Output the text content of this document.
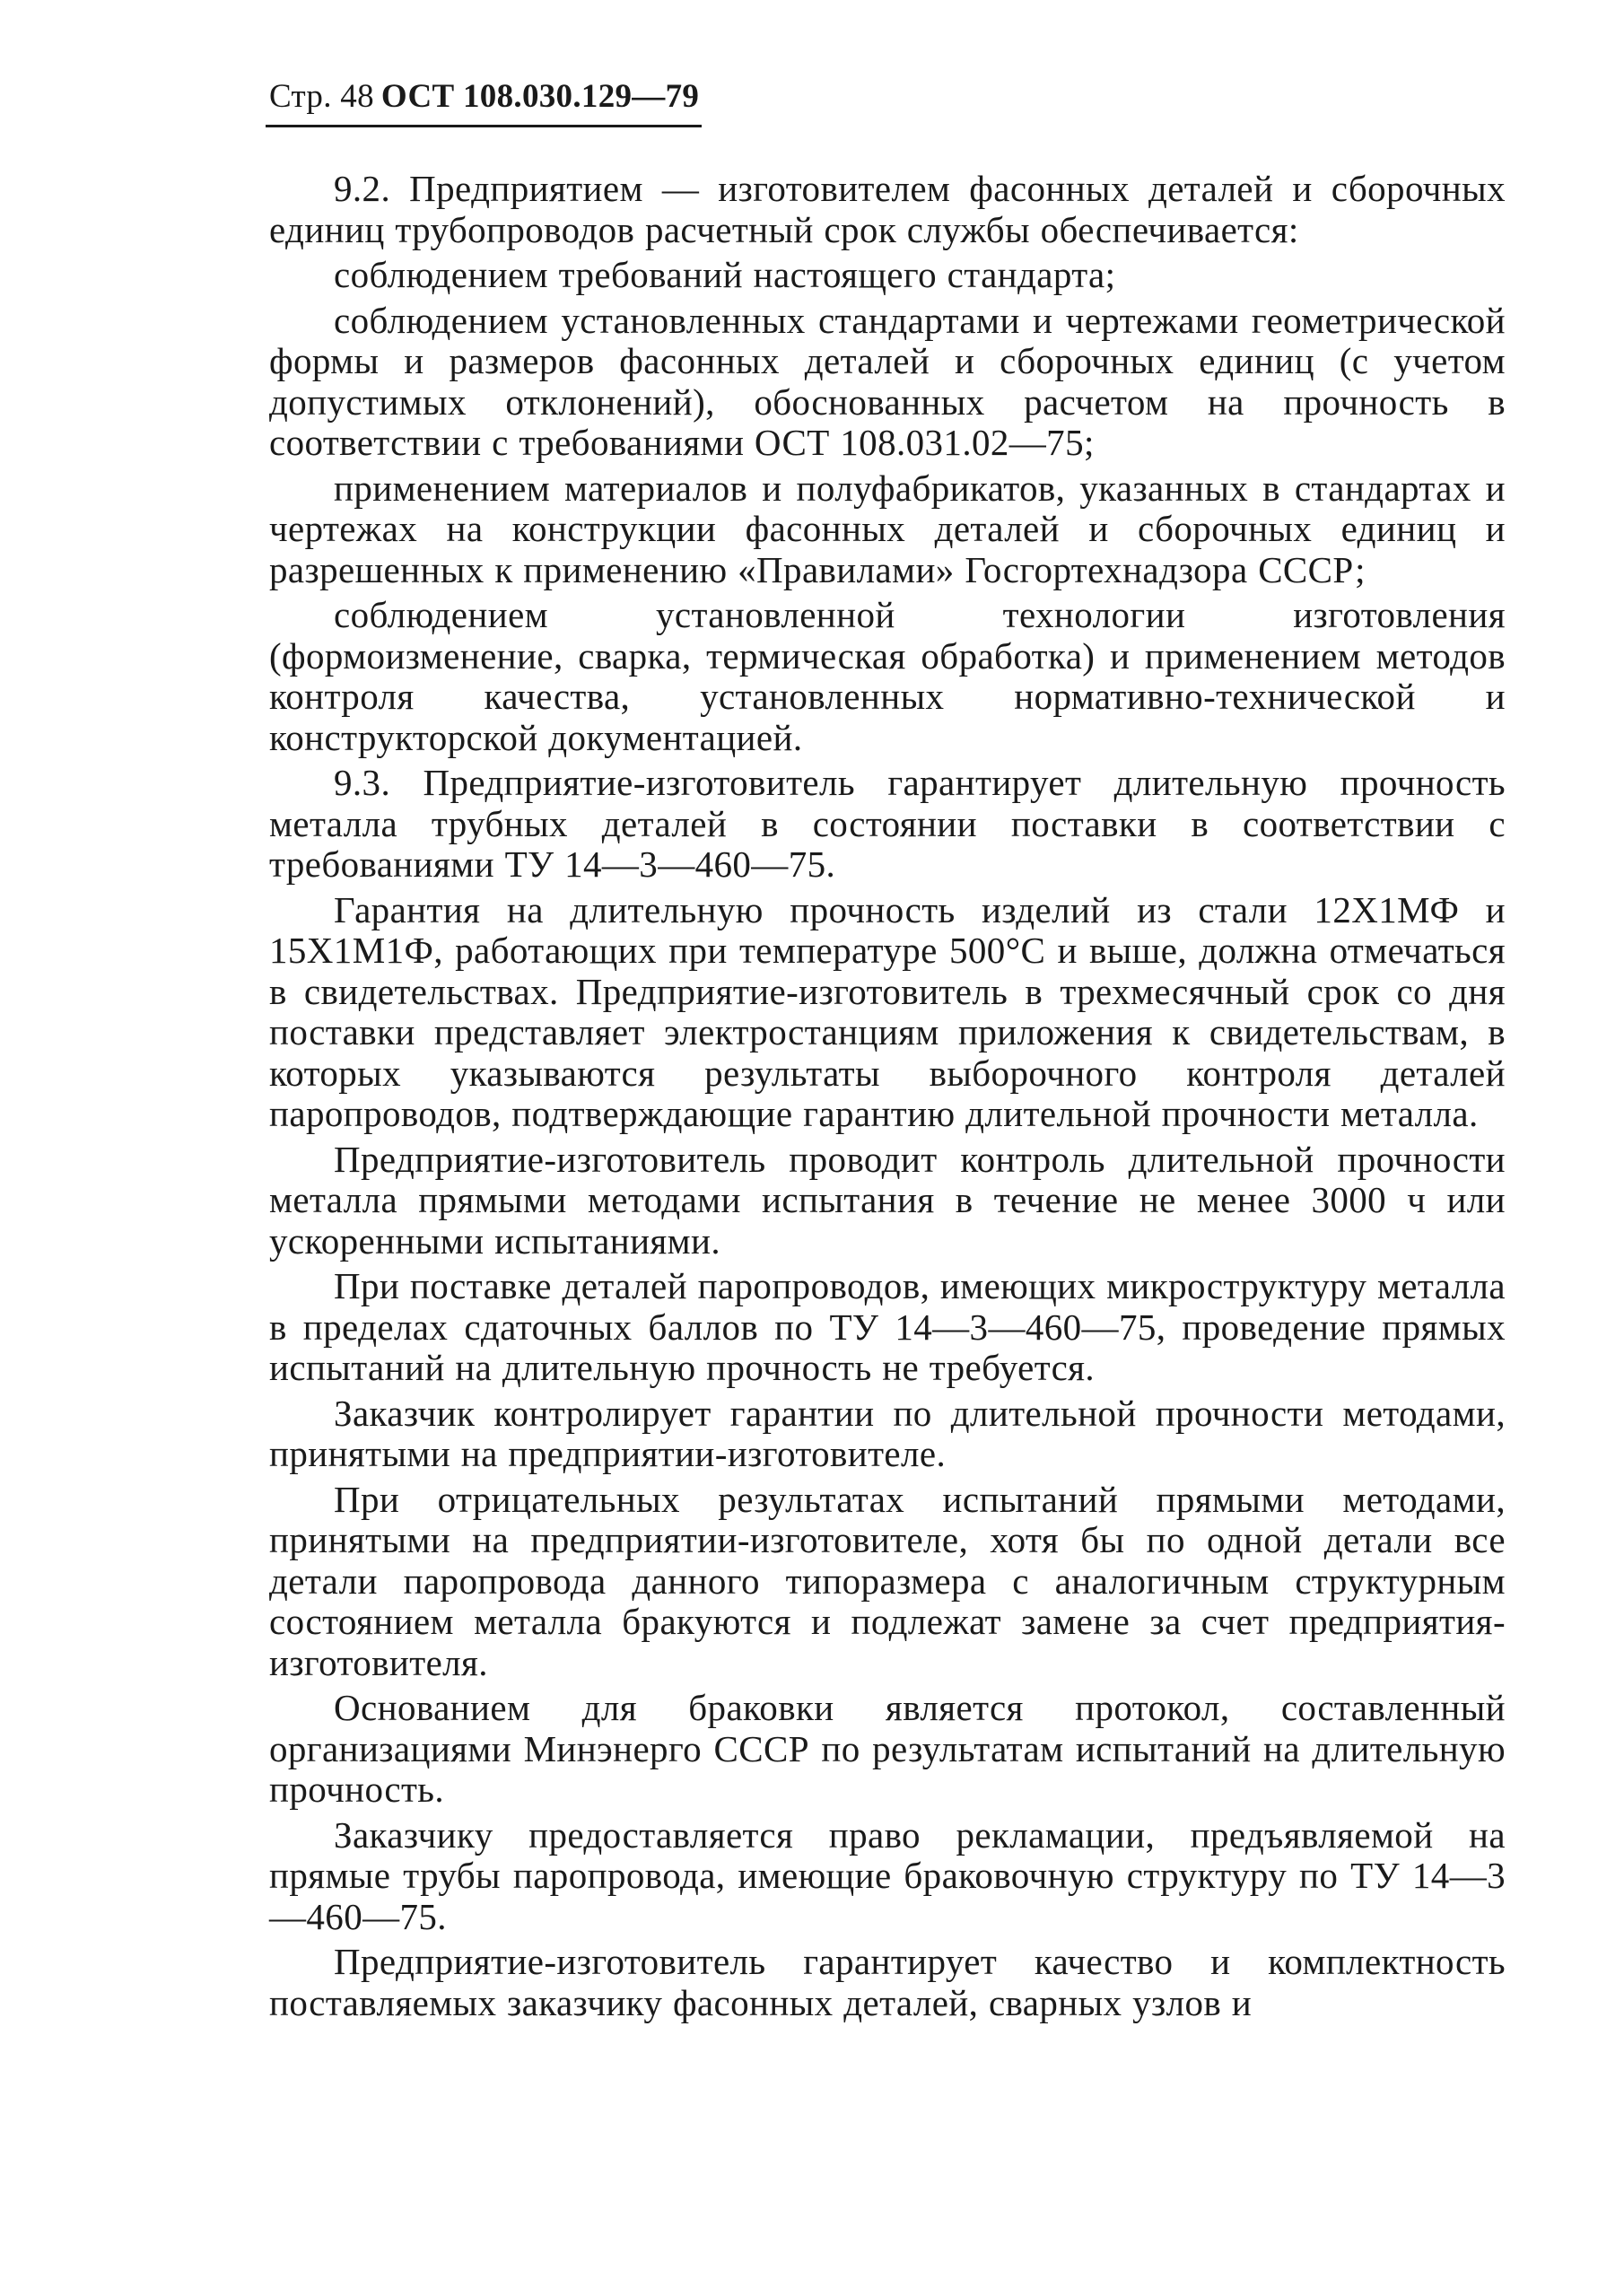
Стр. 48 ОСТ 108.030.129—79

9.2. Предприятием — изготовителем фасонных деталей и сборочных единиц трубопроводов расчетный срок службы обеспечивается:

соблюдением требований настоящего стандарта;

соблюдением установленных стандартами и чертежами геометрической формы и размеров фасонных деталей и сборочных единиц (с учетом допустимых отклонений), обоснованных расчетом на прочность в соответствии с требованиями ОСТ 108.031.02—75;

применением материалов и полуфабрикатов, указанных в стандартах и чертежах на конструкции фасонных деталей и сборочных единиц и разрешенных к применению «Правилами» Госгортехнадзора СССР;

соблюдением установленной технологии изготовления (формоизменение, сварка, термическая обработка) и применением методов контроля качества, установленных нормативно-технической и конструкторской документацией.

9.3. Предприятие-изготовитель гарантирует длительную прочность металла трубных деталей в состоянии поставки в соответствии с требованиями ТУ 14—3—460—75.

Гарантия на длительную прочность изделий из стали 12Х1МФ и 15Х1М1Ф, работающих при температуре 500°С и выше, должна отмечаться в свидетельствах. Предприятие-изготовитель в трехмесячный срок со дня поставки представляет электростанциям приложения к свидетельствам, в которых указываются результаты выборочного контроля деталей паропроводов, подтверждающие гарантию длительной прочности металла.

Предприятие-изготовитель проводит контроль длительной прочности металла прямыми методами испытания в течение не менее 3000 ч или ускоренными испытаниями.

При поставке деталей паропроводов, имеющих микроструктуру металла в пределах сдаточных баллов по ТУ 14—3—460—75, проведение прямых испытаний на длительную прочность не требуется.

Заказчик контролирует гарантии по длительной прочности методами, принятыми на предприятии-изготовителе.

При отрицательных результатах испытаний прямыми методами, принятыми на предприятии-изготовителе, хотя бы по одной детали все детали паропровода данного типоразмера с аналогичным структурным состоянием металла бракуются и подлежат замене за счет предприятия-изготовителя.

Основанием для браковки является протокол, составленный организациями Минэнерго СССР по результатам испытаний на длительную прочность.

Заказчику предоставляется право рекламации, предъявляемой на прямые трубы паропровода, имеющие браковочную структуру по ТУ 14—3—460—75.

Предприятие-изготовитель гарантирует качество и комплектность поставляемых заказчику фасонных деталей, сварных узлов и
